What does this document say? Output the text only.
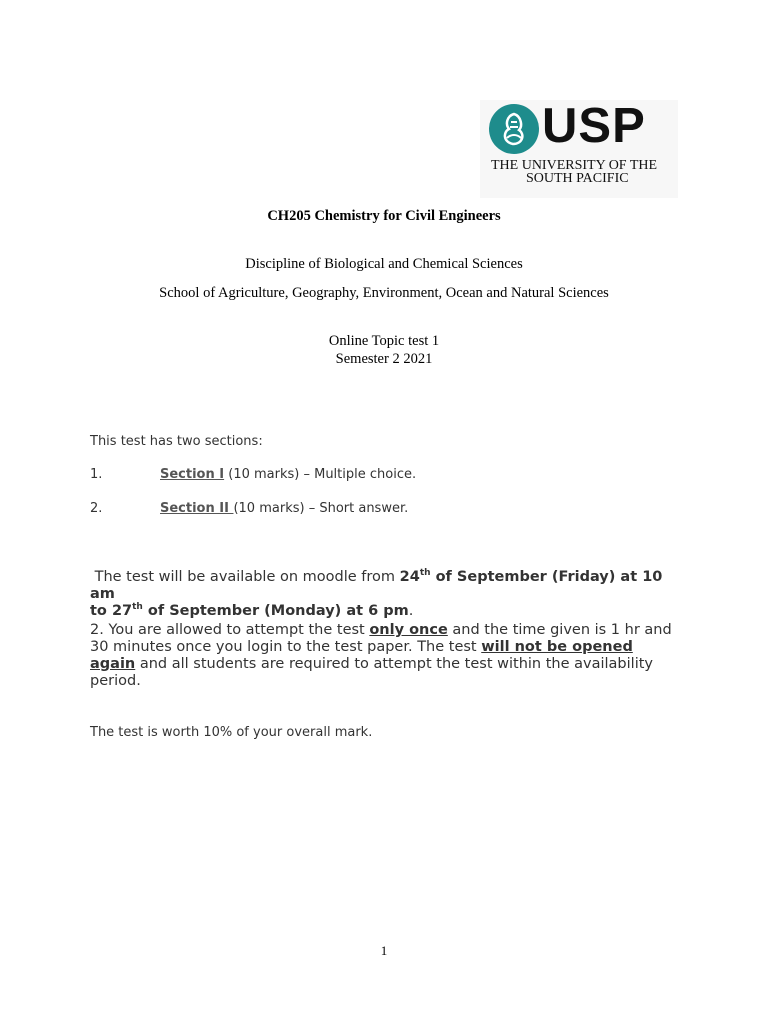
USP
THE UNIVERSITY OF THE
SOUTH PACIFIC
CH205 Chemistry for Civil Engineers
Discipline of Biological and Chemical Sciences
School of Agriculture, Geography, Environment, Ocean and Natural Sciences
Online Topic test 1
Semester 2 2021
This test has two sections:
1.	Section I (10 marks) – Multiple choice.
2.	Section II (10 marks) – Short answer.
The test will be available on moodle from 24th of September (Friday) at 10 am
to 27th of September (Monday) at 6 pm.
2. You are allowed to attempt the test only once and the time given is 1 hr and 30 minutes once you login to the test paper. The test will not be opened again and all students are required to attempt the test within the availability period.
The test is worth 10% of your overall mark.
1
